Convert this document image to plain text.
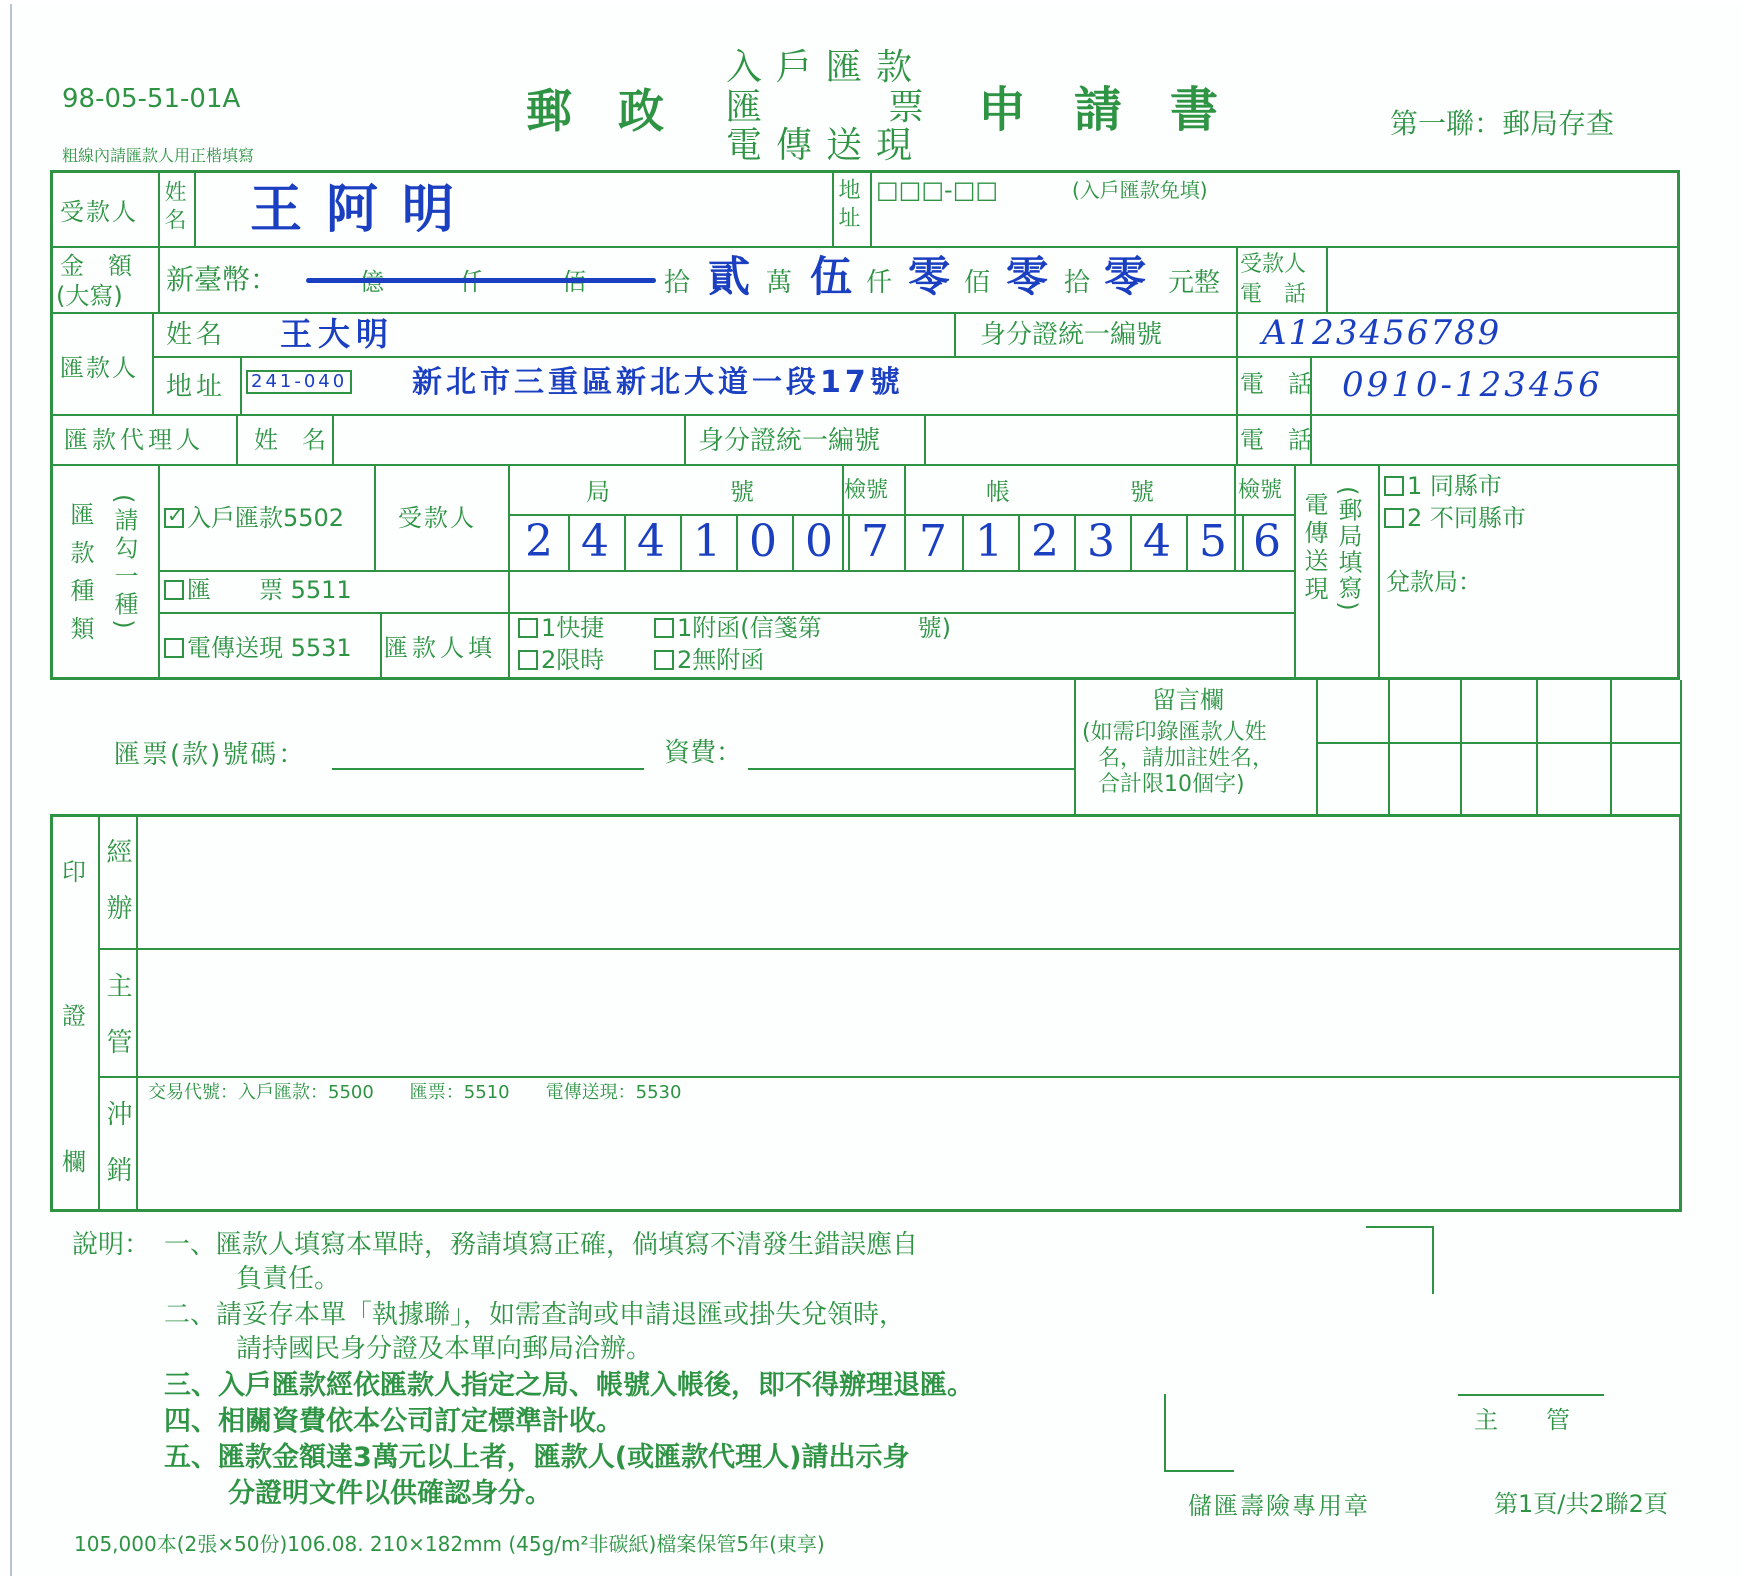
98-05-51-01A
粗線內請匯款人用正楷填寫
郵　政
入戶匯款
匯	票
電傳送現
申　請　書	第一聯：郵局存查
受款人 姓名 王阿明	地址 □□□-□□	(入戶匯款免填)
金　額
(大寫) 新臺幣：	拾 貳 萬 伍 仟 零 佰 零 拾 零 元整
受款人
電　話
匯款人
姓名 王大明	身分證統一編號	A123456789
地址 241-040 新北市三重區新北大道一段17號	電　話 0910-123456
匯款代理人 姓　名	身分證統一編號	電　話
匯款種類 (請勾一種)
✓	入戶匯款5502
匯　　票 5511
電傳送現 5531
受款人
局　　　　　號	檢號	帳　　　　　號	檢號
2 4 4 1 0 0 7 7 1 2 3 4 5 6
匯款人填
1快捷
2限時
1附函(信箋第　　　　號)
2無附函
電傳送現 (郵局填寫)	1 同縣市
2 不同縣市
兌款局：
匯票(款)號碼：	資費：
留言欄
(如需印錄匯款人姓
名，請加註姓名，
合計限10個字)
印
證
欄
經辦
主管
沖銷
交易代號：入戶匯款：5500　　匯票：5510　　電傳送現：5530
說明： 一、匯款人填寫本單時，務請填寫正確，倘填寫不清發生錯誤應自
負責任。
二、請妥存本單「執據聯」，如需查詢或申請退匯或掛失兌領時，
請持國民身分證及本單向郵局洽辦。
三、入戶匯款經依匯款人指定之局、帳號入帳後，即不得辦理退匯。
四、相關資費依本公司訂定標準計收。
五、匯款金額達3萬元以上者，匯款人(或匯款代理人)請出示身
分證明文件以供確認身分。
主　　管
儲匯壽險專用章	第1頁/共2聯2頁
105,000本(2張×50份)106.08. 210×182mm (45g/m²非碳紙)檔案保管5年(東享)
